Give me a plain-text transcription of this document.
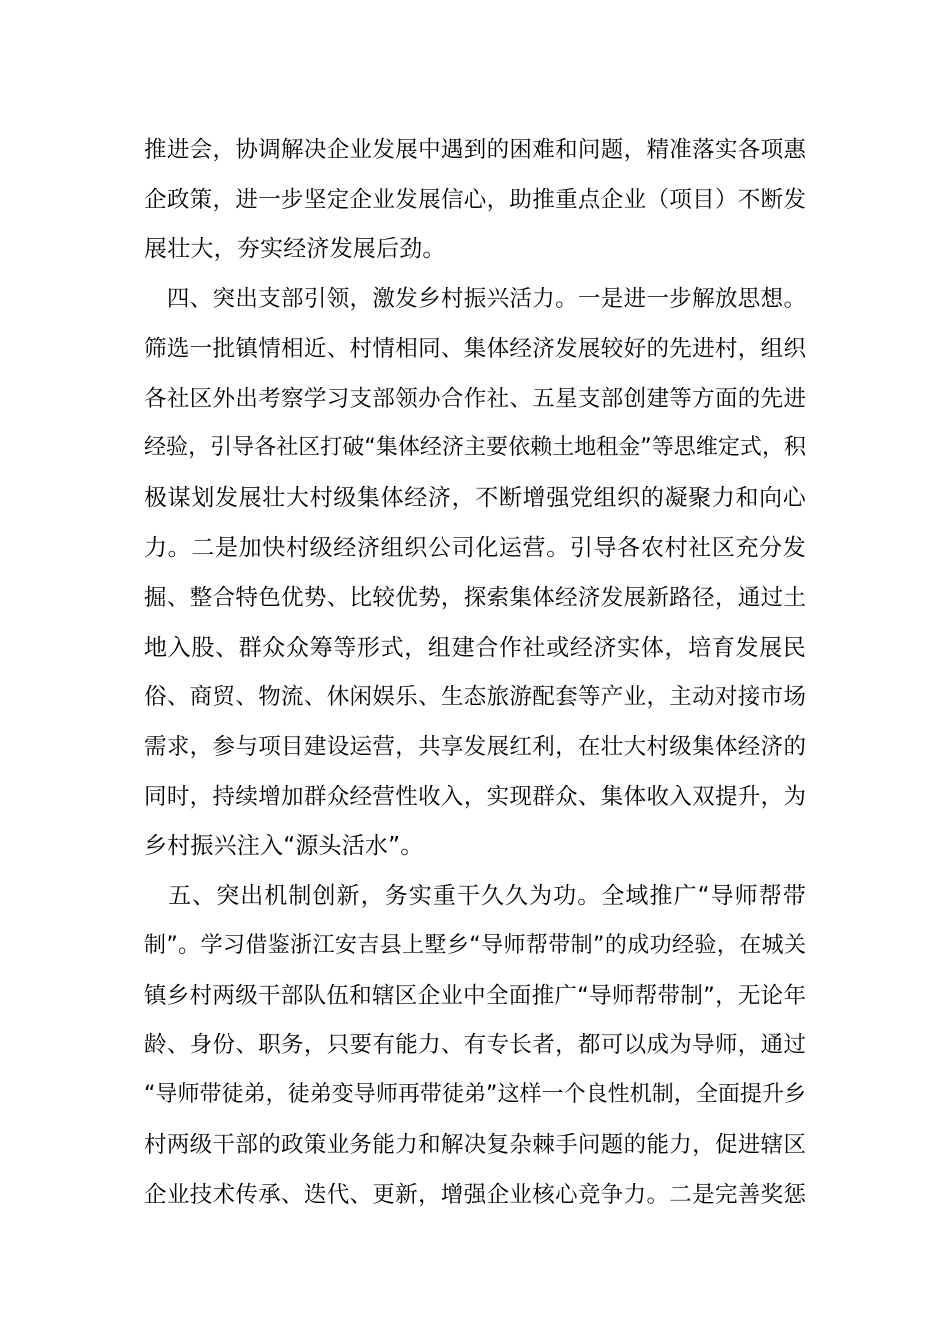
推进会，协调解决企业发展中遇到的困难和问题，精准落实各项惠
企政策，进一步坚定企业发展信心，助推重点企业（项目）不断发
展壮大，夯实经济发展后劲。
　四、突出支部引领，激发乡村振兴活力。一是进一步解放思想。
筛选一批镇情相近、村情相同、集体经济发展较好的先进村，组织
各社区外出考察学习支部领办合作社、五星支部创建等方面的先进
经验，引导各社区打破“集体经济主要依赖土地租金”等思维定式，积
极谋划发展壮大村级集体经济，不断增强党组织的凝聚力和向心
力。二是加快村级经济组织公司化运营。引导各农村社区充分发
掘、整合特色优势、比较优势，探索集体经济发展新路径，通过土
地入股、群众众筹等形式，组建合作社或经济实体，培育发展民
俗、商贸、物流、休闲娱乐、生态旅游配套等产业，主动对接市场
需求，参与项目建设运营，共享发展红利，在壮大村级集体经济的
同时，持续增加群众经营性收入，实现群众、集体收入双提升，为
乡村振兴注入“源头活水”。
　五、突出机制创新，务实重干久久为功。全域推广“导师帮带
制”。学习借鉴浙江安吉县上墅乡“导师帮带制”的成功经验，在城关
镇乡村两级干部队伍和辖区企业中全面推广“导师帮带制”，无论年
龄、身份、职务，只要有能力、有专长者，都可以成为导师，通过
“导师带徒弟，徒弟变导师再带徒弟”这样一个良性机制，全面提升乡
村两级干部的政策业务能力和解决复杂棘手问题的能力，促进辖区
企业技术传承、迭代、更新，增强企业核心竞争力。二是完善奖惩
